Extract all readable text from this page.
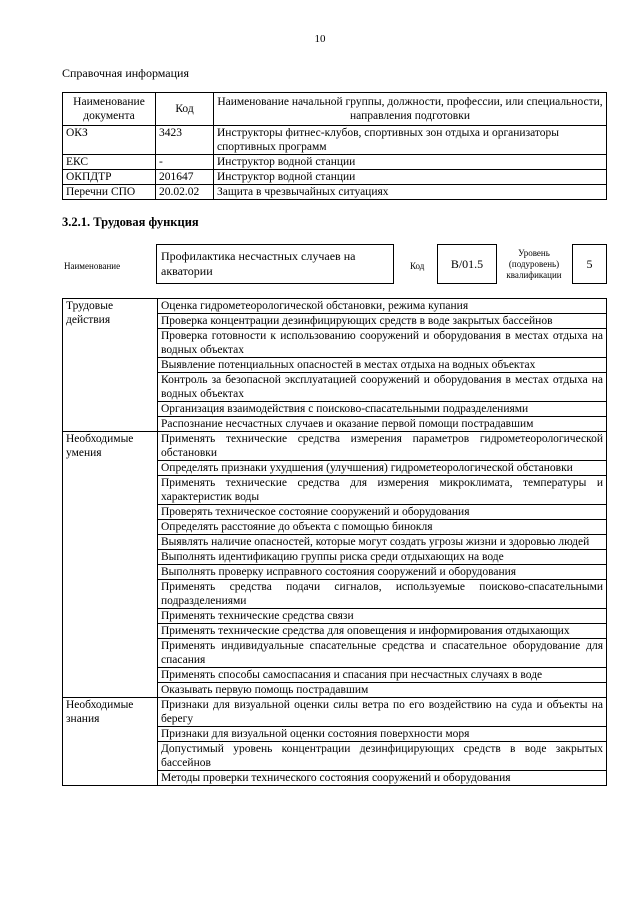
10
Справочная информация
Наименование документа	Код	Наименование начальной группы, должности, профессии, или специальности, направления подготовки
ОКЗ	3423	Инструкторы фитнес-клубов, спортивных зон отдыха и организаторы спортивных программ
ЕКС	-	Инструктор водной станции
ОКПДТР	201647	Инструктор водной станции
Перечни СПО	20.02.02	Защита в чрезвычайных ситуациях
3.2.1. Трудовая функция
Наименование
Профилактика несчастных случаев на акватории	Код	B/01.5
Уровень (подуровень) квалификации
5
Трудовые действия	Оценка гидрометеорологической обстановки, режима купания
	Проверка концентрации дезинфицирующих средств в воде закрытых бассейнов
	Проверка готовности к использованию сооружений и оборудования в местах отдыха на водных объектах
	Выявление потенциальных опасностей в местах отдыха на водных объектах
	Контроль за безопасной эксплуатацией сооружений и оборудования в местах отдыха на водных объектах
	Организация взаимодействия с поисково-спасательными подразделениями
	Распознание несчастных случаев и оказание первой помощи пострадавшим
Необходимые умения	Применять технические средства измерения параметров гидрометеорологической обстановки
	Определять признаки ухудшения (улучшения) гидрометеорологической обстановки
	Применять технические средства для измерения микроклимата, температуры и характеристик воды
	Проверять техническое состояние сооружений и оборудования
	Определять расстояние до объекта с помощью бинокля
	Выявлять наличие опасностей, которые могут создать угрозы жизни и здоровью людей
	Выполнять идентификацию группы риска среди отдыхающих на воде
	Выполнять проверку исправного состояния сооружений и оборудования
	Применять средства подачи сигналов, используемые поисково-спасательными подразделениями
	Применять технические средства связи
	Применять технические средства для оповещения и информирования отдыхающих
	Применять индивидуальные спасательные средства и спасательное оборудование для спасания
	Применять способы самоспасания и спасания при несчастных случаях в воде
	Оказывать первую помощь пострадавшим
Необходимые знания	Признаки для визуальной оценки силы ветра по его воздействию на суда и объекты на берегу
	Признаки для визуальной оценки состояния поверхности моря
	Допустимый уровень концентрации дезинфицирующих средств в воде закрытых бассейнов
	Методы проверки технического состояния сооружений и оборудования
